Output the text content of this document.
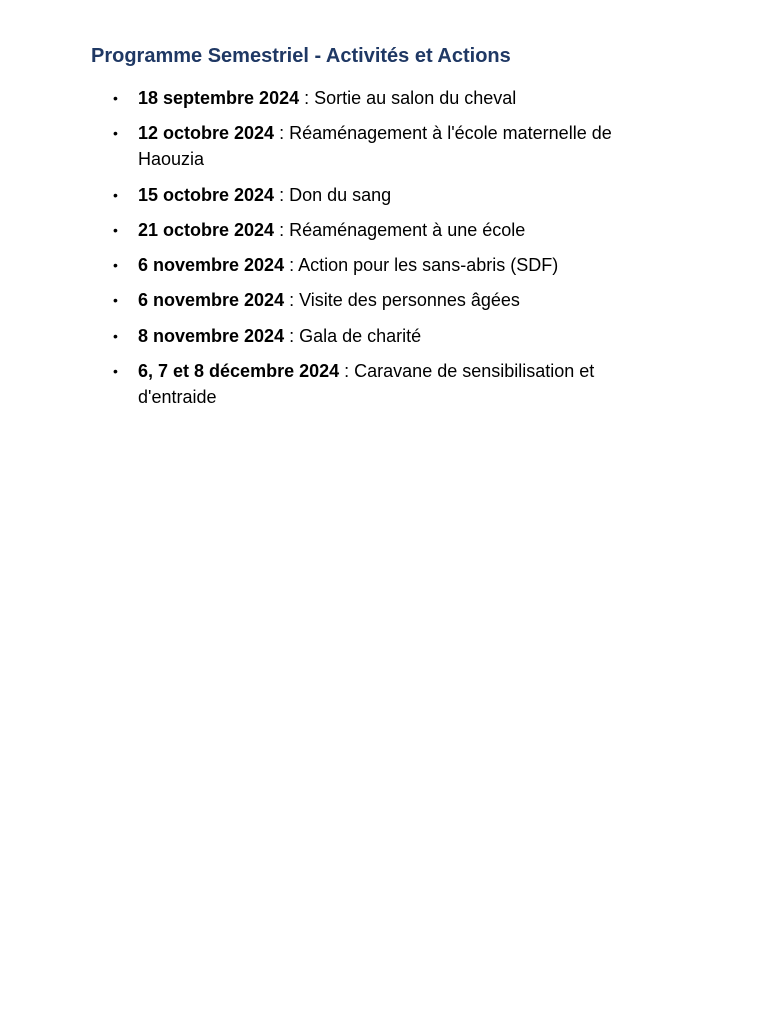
Programme Semestriel - Activités et Actions
• 18 septembre 2024 : Sortie au salon du cheval
• 12 octobre 2024 : Réaménagement à l'école maternelle de Haouzia
• 15 octobre 2024 : Don du sang
• 21 octobre 2024 : Réaménagement à une école
• 6 novembre 2024 : Action pour les sans-abris (SDF)
• 6 novembre 2024 : Visite des personnes âgées
• 8 novembre 2024 : Gala de charité
• 6, 7 et 8 décembre 2024 : Caravane de sensibilisation et d'entraide
